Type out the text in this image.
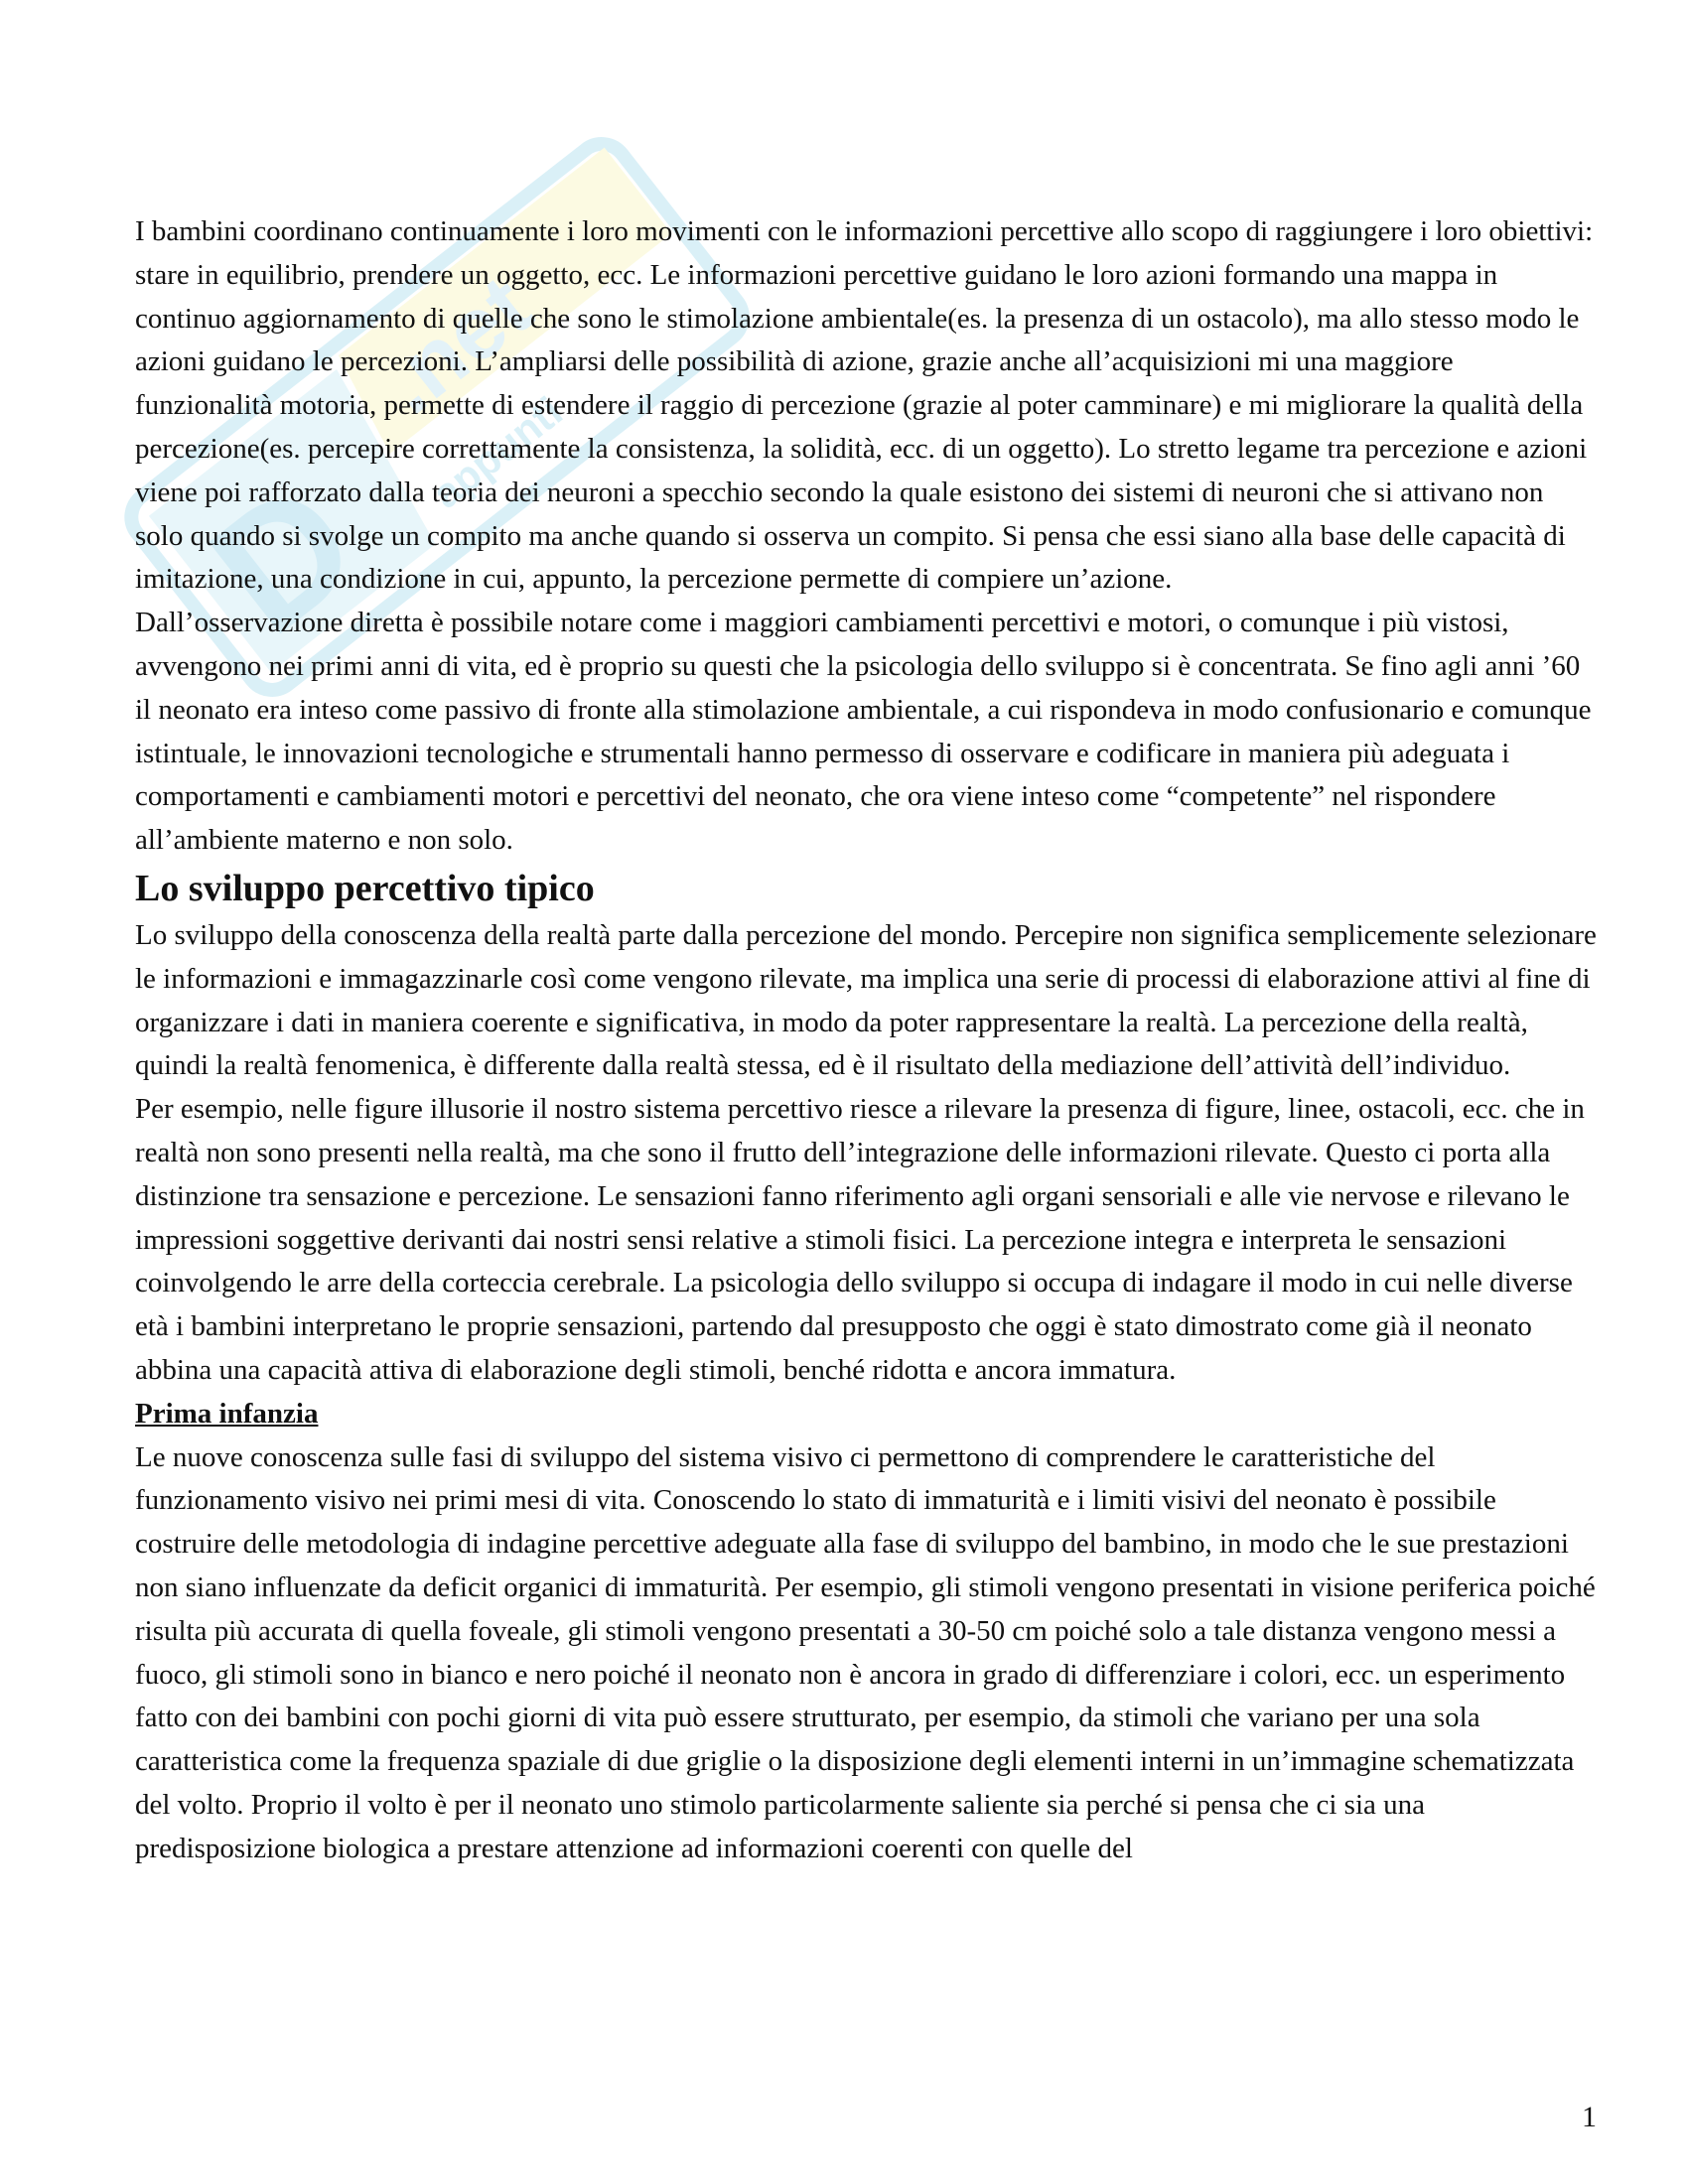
D
.net
appunti

I bambini coordinano continuamente i loro movimenti con le informazioni percettive allo scopo di raggiungere i loro obiettivi: stare in equilibrio, prendere un oggetto, ecc. Le informazioni percettive guidano le loro azioni formando una mappa in continuo aggiornamento di quelle che sono le stimolazione ambientale(es. la presenza di un ostacolo), ma allo stesso modo le azioni guidano le percezioni. L’ampliarsi delle possibilità di azione, grazie anche all’acquisizioni mi una maggiore funzionalità motoria, permette di estendere il raggio di percezione (grazie al poter camminare) e mi migliorare la qualità della percezione(es. percepire correttamente la consistenza, la solidità, ecc. di un oggetto). Lo stretto legame tra percezione e azioni viene poi rafforzato dalla teoria dei neuroni a specchio secondo la quale esistono dei sistemi di neuroni che si attivano non solo quando si svolge un compito ma anche quando si osserva un compito. Si pensa che essi siano alla base delle capacità di imitazione, una condizione in cui, appunto, la percezione permette di compiere un’azione.

Dall’osservazione diretta è possibile notare come i maggiori cambiamenti percettivi e motori, o comunque i più vistosi, avvengono nei primi anni di vita, ed è proprio su questi che la psicologia dello sviluppo si è concentrata. Se fino agli anni ’60 il neonato era inteso come passivo di fronte alla stimolazione ambientale, a cui rispondeva in modo confusionario e comunque istintuale, le innovazioni tecnologiche e strumentali hanno permesso di osservare e codificare in maniera più adeguata i comportamenti e cambiamenti motori e percettivi del neonato, che ora viene inteso come “competente” nel rispondere all’ambiente materno e non solo.

Lo sviluppo percettivo tipico

Lo sviluppo della conoscenza della realtà parte dalla percezione del mondo. Percepire non significa semplicemente selezionare le informazioni e immagazzinarle così come vengono rilevate, ma implica una serie di processi di elaborazione attivi al fine di organizzare i dati in maniera coerente e significativa, in modo da poter rappresentare la realtà. La percezione della realtà, quindi la realtà fenomenica, è differente dalla realtà stessa, ed è il risultato della mediazione dell’attività dell’individuo.

Per esempio, nelle figure illusorie il nostro sistema percettivo riesce a rilevare la presenza di figure, linee, ostacoli, ecc. che in realtà non sono presenti nella realtà, ma che sono il frutto dell’integrazione delle informazioni rilevate. Questo ci porta alla distinzione tra sensazione e percezione. Le sensazioni fanno riferimento agli organi sensoriali e alle vie nervose e rilevano le impressioni soggettive derivanti dai nostri sensi relative a stimoli fisici. La percezione integra e interpreta le sensazioni coinvolgendo le arre della corteccia cerebrale. La psicologia dello sviluppo si occupa di indagare il modo in cui nelle diverse età i bambini interpretano le proprie sensazioni, partendo dal presupposto che oggi è stato dimostrato come già il neonato abbina una capacità attiva di elaborazione degli stimoli, benché ridotta e ancora immatura.

Prima infanzia

Le nuove conoscenza sulle fasi di sviluppo del sistema visivo ci permettono di comprendere le caratteristiche del funzionamento visivo nei primi mesi di vita. Conoscendo lo stato di immaturità e i limiti visivi del neonato è possibile costruire delle metodologia di indagine percettive adeguate alla fase di sviluppo del bambino, in modo che le sue prestazioni non siano influenzate da deficit organici di immaturità. Per esempio, gli stimoli vengono presentati in visione periferica poiché risulta più accurata di quella foveale, gli stimoli vengono presentati a 30-50 cm poiché solo a tale distanza vengono messi a fuoco, gli stimoli sono in bianco e nero poiché il neonato non è ancora in grado di differenziare i colori, ecc. un esperimento fatto con dei bambini con pochi giorni di vita può essere strutturato, per esempio, da stimoli che variano per una sola caratteristica come la frequenza spaziale di due griglie o la disposizione degli elementi interni in un’immagine schematizzata del volto. Proprio il volto è per il neonato uno stimolo particolarmente saliente sia perché si pensa che ci sia una predisposizione biologica a prestare attenzione ad informazioni coerenti con quelle del

1
